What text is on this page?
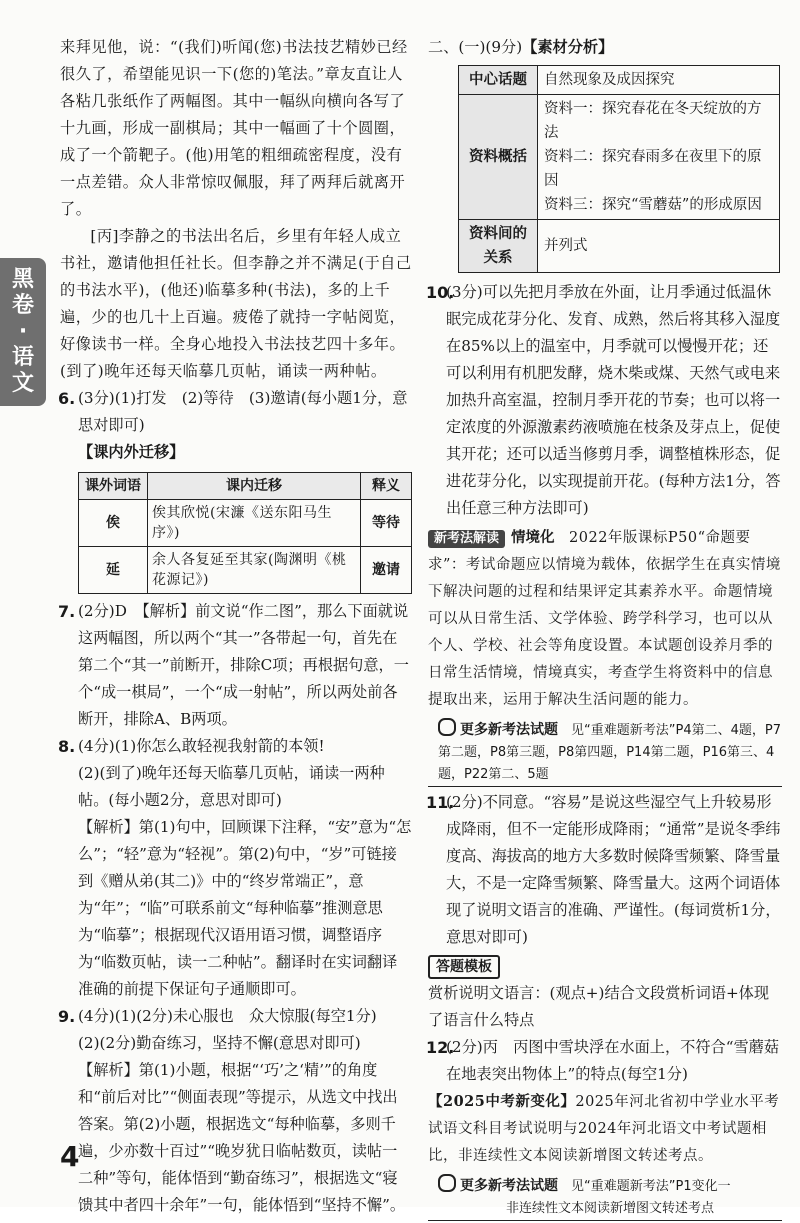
黑
卷
·
语
文

来拜见他，说：“(我们)听闻(您)书法技艺精妙已经很久了，希望能见识一下(您的)笔法。”章友直让人各粘几张纸作了两幅图。其中一幅纵向横向各写了十九画，形成一副棋局；其中一幅画了十个圆圈，成了一个箭靶子。(他)用笔的粗细疏密程度，没有一点差错。众人非常惊叹佩服，拜了两拜后就离开了。

[丙]李静之的书法出名后，乡里有年轻人成立书社，邀请他担任社长。但李静之并不满足(于自己的书法水平)，(他还)临摹多种(书法)，多的上千遍，少的也几十上百遍。疲倦了就持一字帖阅览，好像读书一样。全身心地投入书法技艺四十多年。(到了)晚年还每天临摹几页帖，诵读一两种帖。

6. (3分)(1)打发　(2)等待　(3)邀请(每小题1分，意思对即可)

【课内外迁移】

课外词语	课内迁移	释义
俟	俟其欣悦(宋濂《送东阳马生序》)	等待
延	余人各复延至其家(陶渊明《桃花源记》)	邀请
7. (2分)D　【解析】前文说“作二图”，那么下面就说这两幅图，所以两个“其一”各带起一句，首先在第二个“其一”前断开，排除C项；再根据句意，一个“成一棋局”，一个“成一射帖”，所以两处前各断开，排除A、B两项。

8. (4分)(1)你怎么敢轻视我射箭的本领!

(2)(到了)晚年还每天临摹几页帖，诵读一两种帖。(每小题2分，意思对即可)

【解析】第(1)句中，回顾课下注释，“安”意为“怎么”；“轻”意为“轻视”。第(2)句中，“岁”可链接到《赠从弟(其二)》中的“终岁常端正”，意为“年”；“临”可联系前文“每种临摹”推测意思为“临摹”；根据现代汉语用语习惯，调整语序为“临数页帖，读一二种帖”。翻译时在实词翻译准确的前提下保证句子通顺即可。

9. (4分)(1)(2分)未心服也　众大惊服(每空1分)

(2)(2分)勤奋练习，坚持不懈(意思对即可)

【解析】第(1)小题，根据“‘巧’之‘精’”的角度和“前后对比”“侧面表现”等提示，从选文中找出答案。第(2)小题，根据选文“每种临摹，多则千遍，少亦数十百过”“晚岁犹日临帖数页，读帖一二种”等句，能体悟到“勤奋练习”，根据选文“寝馈其中者四十余年”一句，能体悟到“坚持不懈”。

二、(一)(9分)【素材分析】

中心话题	自然现象及成因探究
资料概括	资料一：探究春花在冬天绽放的方法
资料二：探究春雨多在夜里下的原因
资料三：探究“雪蘑菇”的形成原因

资料间的关系	并列式
10.

(3分)可以先把月季放在外面，让月季通过低温休眠完成花芽分化、发育、成熟，然后将其移入湿度在85%以上的温室中，月季就可以慢慢开花；还可以利用有机肥发酵，烧木柴或煤、天然气或电来加热升高室温，控制月季开花的节奏；也可以将一定浓度的外源激素药液喷施在枝条及芽点上，促使其开花；还可以适当修剪月季，调整植株形态，促进花芽分化，以实现提前开花。(每种方法1分，答出任意三种方法即可)

新考法解读 情境化　 2022年版课标P50“命题要求”：考试命题应以情境为载体，依据学生在真实情境下解决问题的过程和结果评定其素养水平。命题情境可以从日常生活、文学体验、跨学科学习，也可以从个人、学校、社会等角度设置。本试题创设养月季的日常生活情境，情境真实，考查学生将资料中的信息提取出来，运用于解决生活问题的能力。

更多新考法试题　 见“重难题新考法”P4第二、4题，P7第二题，P8第三题，P8第四题，P14第二题，P16第三、4题，P22第二、5题
11.

(2分)不同意。“容易”是说这些湿空气上升较易形成降雨，但不一定能形成降雨；“通常”是说冬季纬度高、海拔高的地方大多数时候降雪频繁、降雪量大，不是一定降雪频繁、降雪量大。这两个词语体现了说明文语言的准确、严谨性。(每词赏析1分，意思对即可)

答题模板

赏析说明文语言：(观点+)结合文段赏析词语+体现了语言什么特点

12.

(2分)丙　丙图中雪块浮在水面上，不符合“雪蘑菇在地表突出物体上”的特点(每空1分)

【2025中考新变化】2025年河北省初中学业水平考试语文科目考试说明与2024年河北语文中考试题相比，非连续性文本阅读新增图文转述考点。

更多新考法试题　 见“重难题新考法”P1变化一
非连续性文本阅读新增图文转述考点
4
